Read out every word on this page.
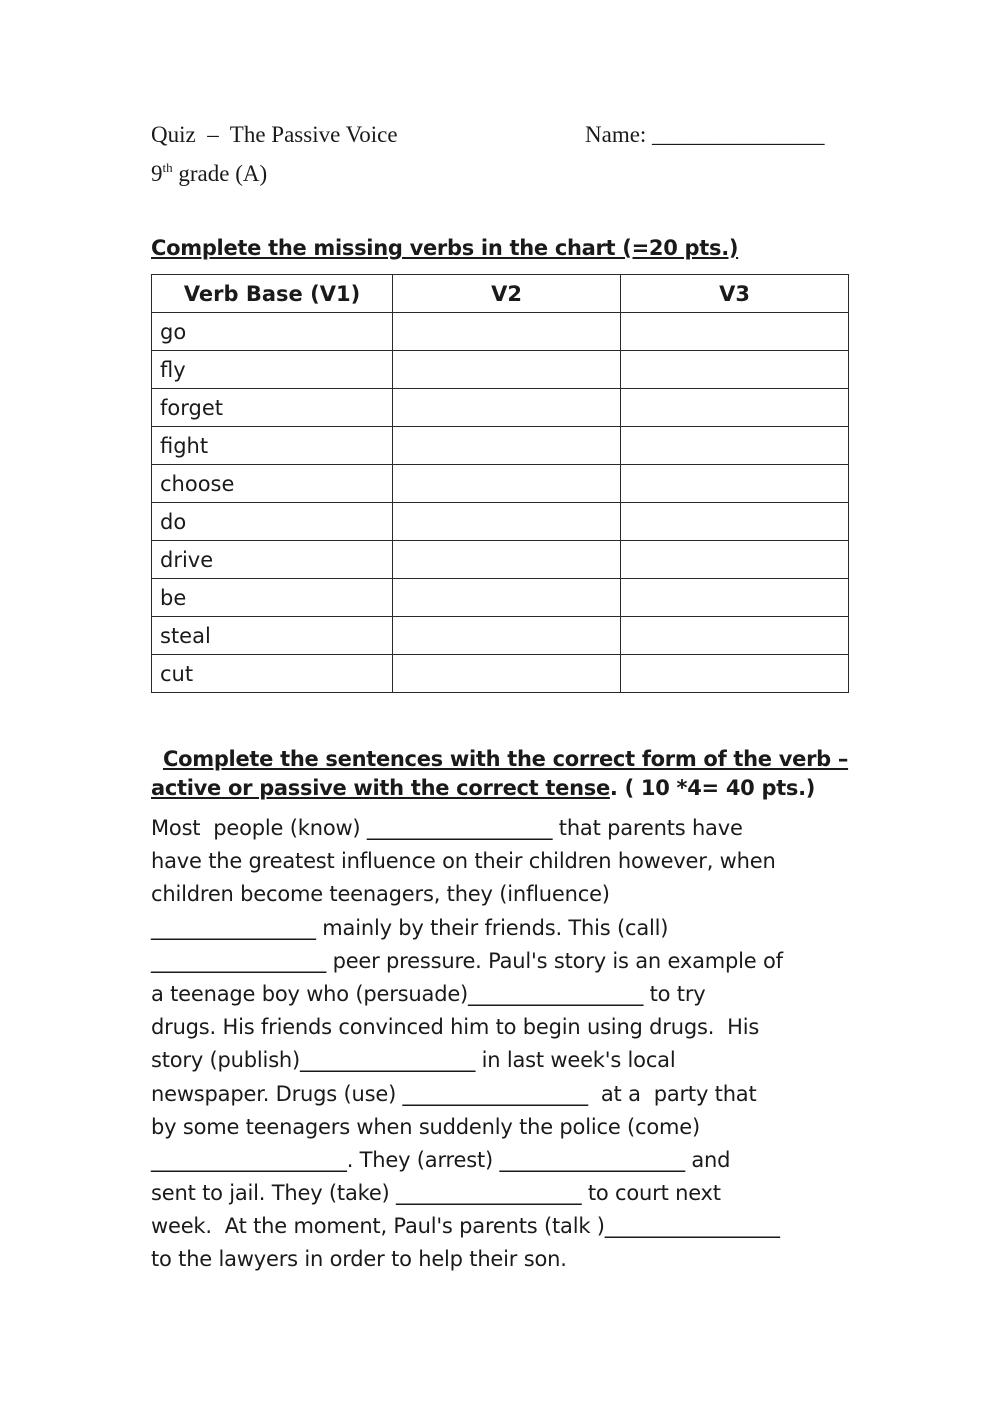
Quiz  –  The Passive Voice	Name: _______________
9th grade (A)
Complete the missing verbs in the chart (=20 pts.)
Verb Base (V1)	V2	V3
go		
fly		
forget		
fight		
choose		
do		
drive		
be		
steal		
cut		
Complete the sentences with the correct form of the verb –
active or passive with the correct tense. ( 10 *4= 40 pts.)
Most  people (know) __________________ that parents have
have the greatest influence on their children however, when
children become teenagers, they (influence)
________________ mainly by their friends. This (call)
_________________ peer pressure. Paul's story is an example of
a teenage boy who (persuade)_________________ to try
drugs. His friends convinced him to begin using drugs.  His
story (publish)_________________ in last week's local
newspaper. Drugs (use) __________________  at a  party that
by some teenagers when suddenly the police (come)
___________________. They (arrest) __________________ and
sent to jail. They (take) __________________ to court next
week.  At the moment, Paul's parents (talk )_________________
to the lawyers in order to help their son.
